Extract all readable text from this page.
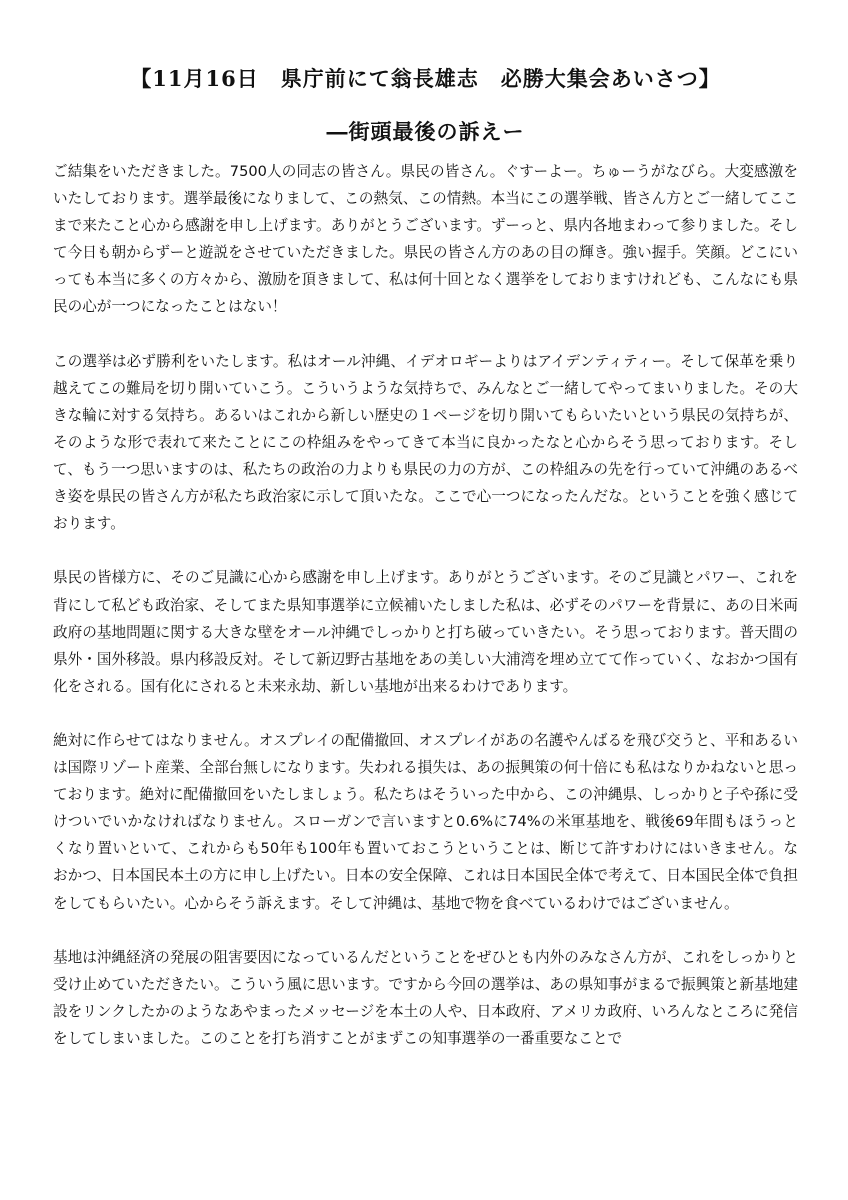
【11月16日　県庁前にて翁長雄志　必勝大集会あいさつ】
―街頭最後の訴えー

ご結集をいただきました。7500人の同志の皆さん。県民の皆さん。ぐすーよー。ちゅーうがなびら。大変感激をいたしております。選挙最後になりまして、この熱気、この情熱。本当にこの選挙戦、皆さん方とご一緒してここまで来たこと心から感謝を申し上げます。ありがとうございます。ずーっと、県内各地まわって参りました。そして今日も朝からずーと遊説をさせていただきました。県民の皆さん方のあの目の輝き。強い握手。笑顔。どこにいっても本当に多くの方々から、激励を頂きまして、私は何十回となく選挙をしておりますけれども、こんなにも県民の心が一つになったことはない！

この選挙は必ず勝利をいたします。私はオール沖縄、イデオロギーよりはアイデンティティー。そして保革を乗り越えてこの難局を切り開いていこう。こういうような気持ちで、みんなとご一緒してやってまいりました。その大きな輪に対する気持ち。あるいはこれから新しい歴史の１ページを切り開いてもらいたいという県民の気持ちが、そのような形で表れて来たことにこの枠組みをやってきて本当に良かったなと心からそう思っております。そして、もう一つ思いますのは、私たちの政治の力よりも県民の力の方が、この枠組みの先を行っていて沖縄のあるべき姿を県民の皆さん方が私たち政治家に示して頂いたな。ここで心一つになったんだな。ということを強く感じております。

県民の皆様方に、そのご見識に心から感謝を申し上げます。ありがとうございます。そのご見識とパワー、これを背にして私ども政治家、そしてまた県知事選挙に立候補いたしました私は、必ずそのパワーを背景に、あの日米両政府の基地問題に関する大きな壁をオール沖縄でしっかりと打ち破っていきたい。そう思っております。普天間の県外・国外移設。県内移設反対。そして新辺野古基地をあの美しい大浦湾を埋め立てて作っていく、なおかつ国有化をされる。国有化にされると未来永劫、新しい基地が出来るわけであります。

絶対に作らせてはなりません。オスプレイの配備撤回、オスプレイがあの名護やんばるを飛び交うと、平和あるいは国際リゾート産業、全部台無しになります。失われる損失は、あの振興策の何十倍にも私はなりかねないと思っております。絶対に配備撤回をいたしましょう。私たちはそういった中から、この沖縄県、しっかりと子や孫に受けついでいかなければなりません。スローガンで言いますと0.6%に74%の米軍基地を、戦後69年間もほうっとくなり置いといて、これからも50年も100年も置いておこうということは、断じて許すわけにはいきません。なおかつ、日本国民本土の方に申し上げたい。日本の安全保障、これは日本国民全体で考えて、日本国民全体で負担をしてもらいたい。心からそう訴えます。そして沖縄は、基地で物を食べているわけではございません。

基地は沖縄経済の発展の阻害要因になっているんだということをぜひとも内外のみなさん方が、これをしっかりと受け止めていただきたい。こういう風に思います。ですから今回の選挙は、あの県知事がまるで振興策と新基地建設をリンクしたかのようなあやまったメッセージを本土の人や、日本政府、アメリカ政府、いろんなところに発信をしてしまいました。このことを打ち消すことがまずこの知事選挙の一番重要なことで
